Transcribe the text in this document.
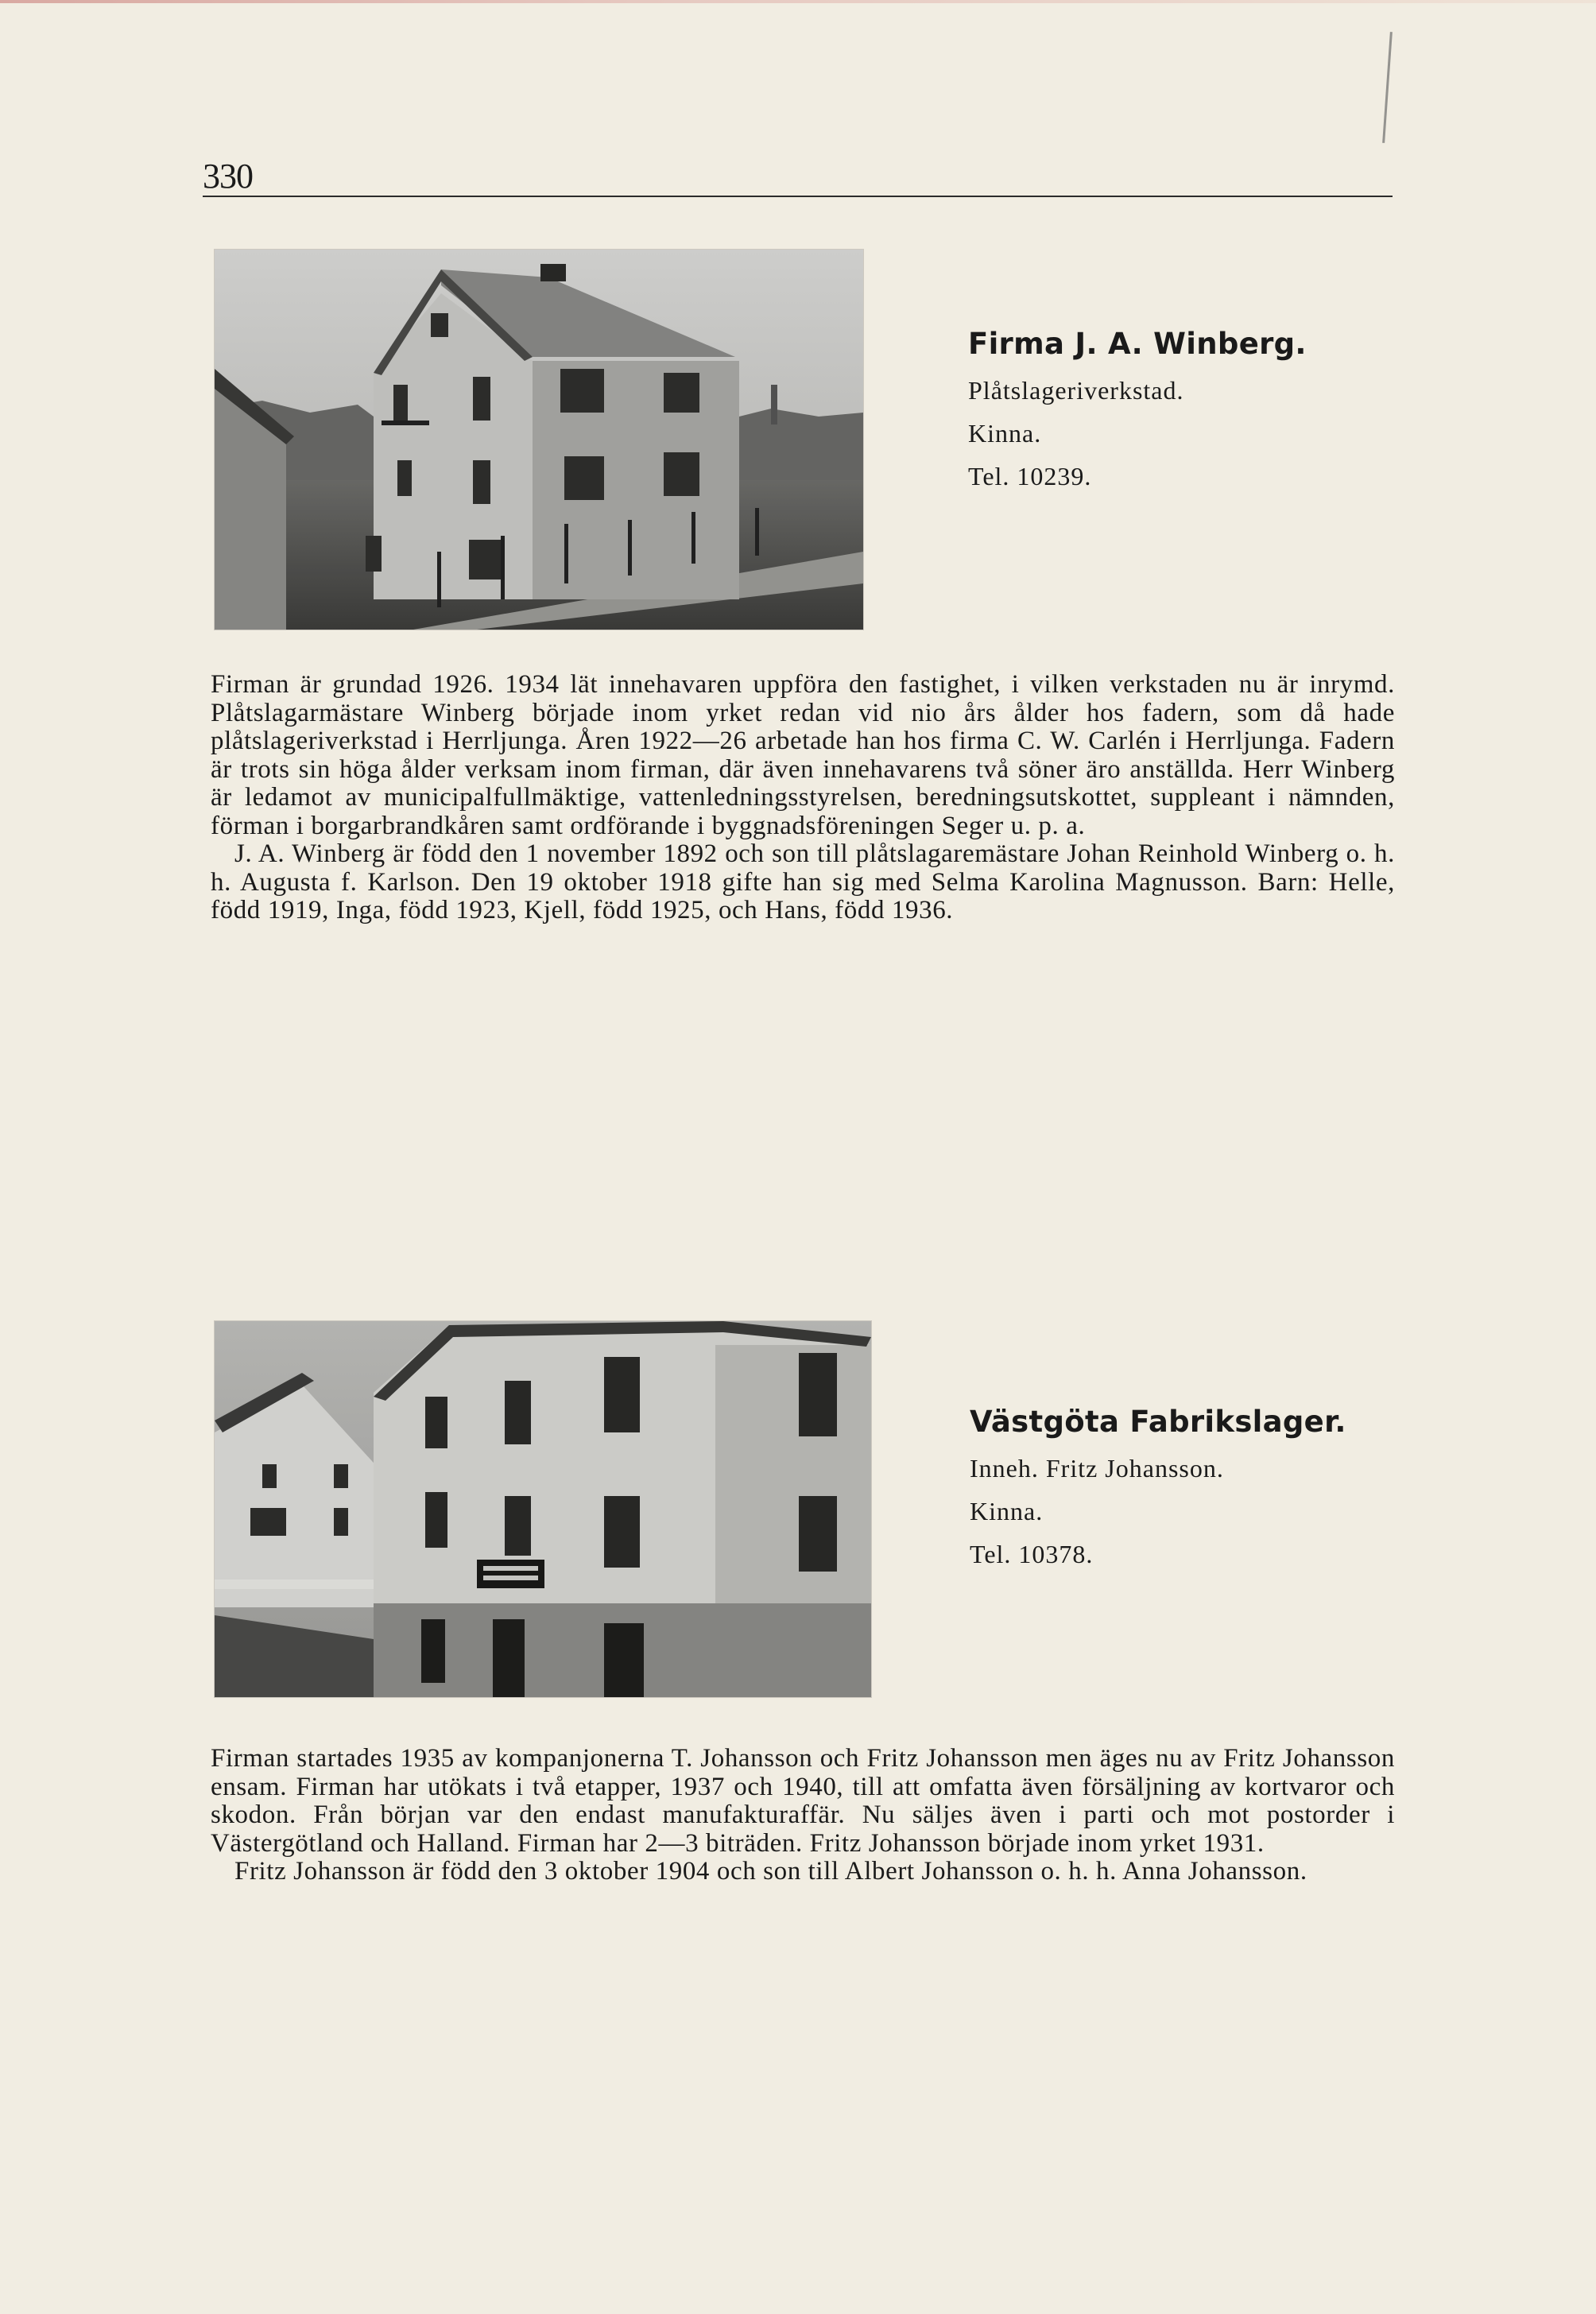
330
Firma J. A. Winberg.
Plåtslageriverkstad.
Kinna.
Tel. 10239.

Firman är grundad 1926. 1934 lät innehavaren uppföra den fastighet, i vilken verkstaden nu är inrymd. Plåtslagarmästare Winberg började inom yrket redan vid nio års ålder hos fadern, som då hade plåtslageriverkstad i Herrljunga. Åren 1922—26 arbetade han hos firma C. W. Carlén i Herrljunga. Fadern är trots sin höga ålder verksam inom firman, där även innehavarens två söner äro anställda. Herr Winberg är ledamot av municipalfullmäktige, vattenledningsstyrelsen, beredningsutskottet, suppleant i nämnden, förman i borgarbrandkåren samt ordförande i byggnadsföreningen Seger u. p. a.

J. A. Winberg är född den 1 november 1892 och son till plåtslagaremästare Johan Reinhold Winberg o. h. h. Augusta f. Karlson. Den 19 oktober 1918 gifte han sig med Selma Karolina Magnusson. Barn: Helle, född 1919, Inga, född 1923, Kjell, född 1925, och Hans, född 1936.

Västgöta Fabrikslager.
Inneh. Fritz Johansson.
Kinna.
Tel. 10378.

Firman startades 1935 av kompanjonerna T. Johansson och Fritz Johansson men äges nu av Fritz Johansson ensam. Firman har utökats i två etapper, 1937 och 1940, till att omfatta även försäljning av kortvaror och skodon. Från början var den endast manufakturaffär. Nu säljes även i parti och mot postorder i Västergötland och Halland. Firman har 2—3 biträden. Fritz Johansson började inom yrket 1931.

Fritz Johansson är född den 3 oktober 1904 och son till Albert Johansson o. h. h. Anna Johansson.
